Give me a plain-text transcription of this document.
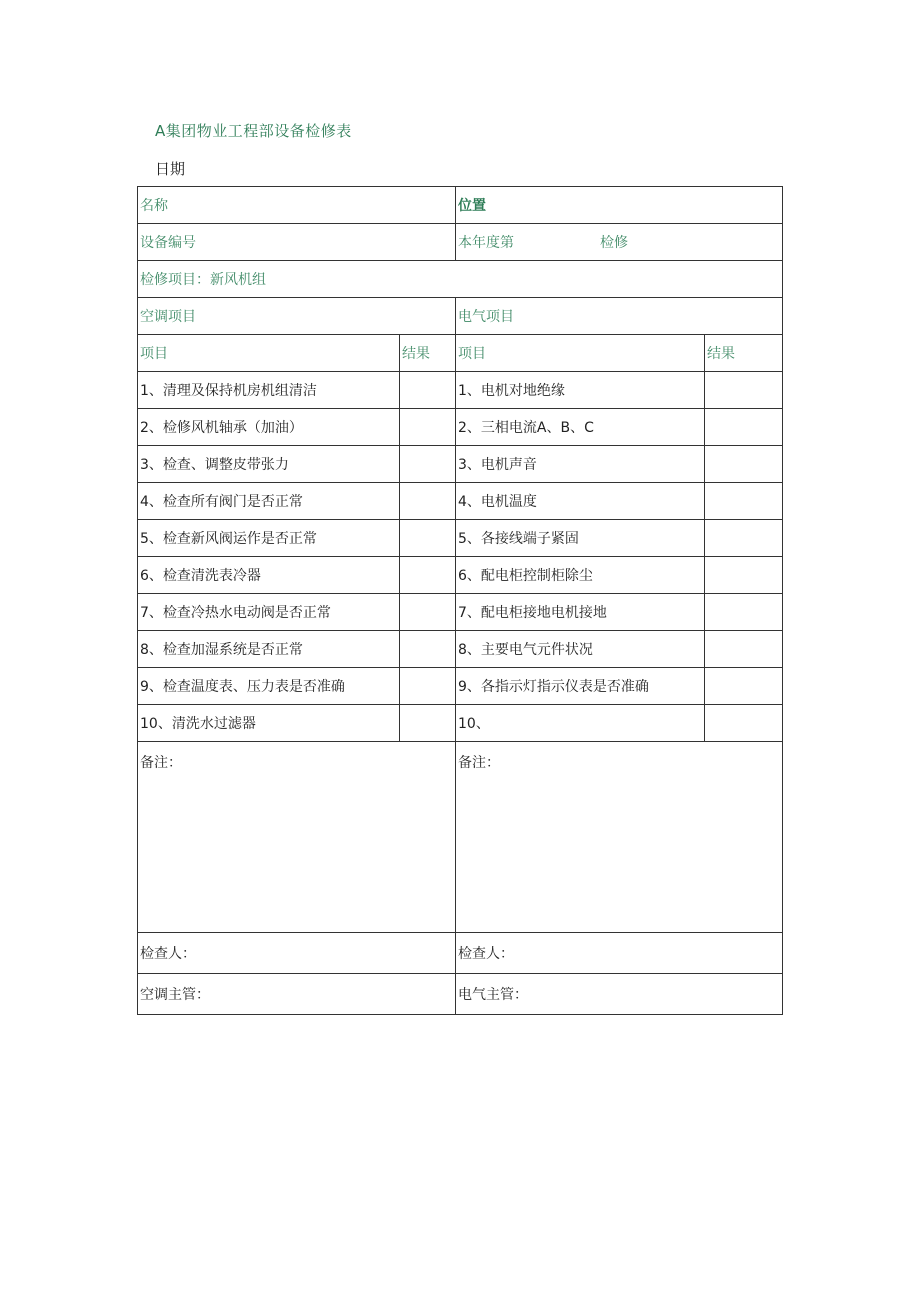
A集团物业工程部设备检修表
日期
名称		位置	
设备编号		本年度第 检修	
检修项目：新风机组			
空调项目		电气项目	
项目	结果	项目	结果
1、清理及保持机房机组清洁		1、电机对地绝缘	
2、检修风机轴承（加油）		2、三相电流A、B、C	
3、检查、调整皮带张力		3、电机声音	
4、检查所有阀门是否正常		4、电机温度	
5、检查新风阀运作是否正常		5、各接线端子紧固	
6、检查清洗表冷器		6、配电柜控制柜除尘	
7、检查冷热水电动阀是否正常		7、配电柜接地电机接地	
8、检查加湿系统是否正常		8、主要电气元件状况	
9、检查温度表、压力表是否准确		9、各指示灯指示仪表是否准确	
10、清洗水过滤器		10、	
备注：		备注：	
检查人：		检查人：	
空调主管：		电气主管：	
